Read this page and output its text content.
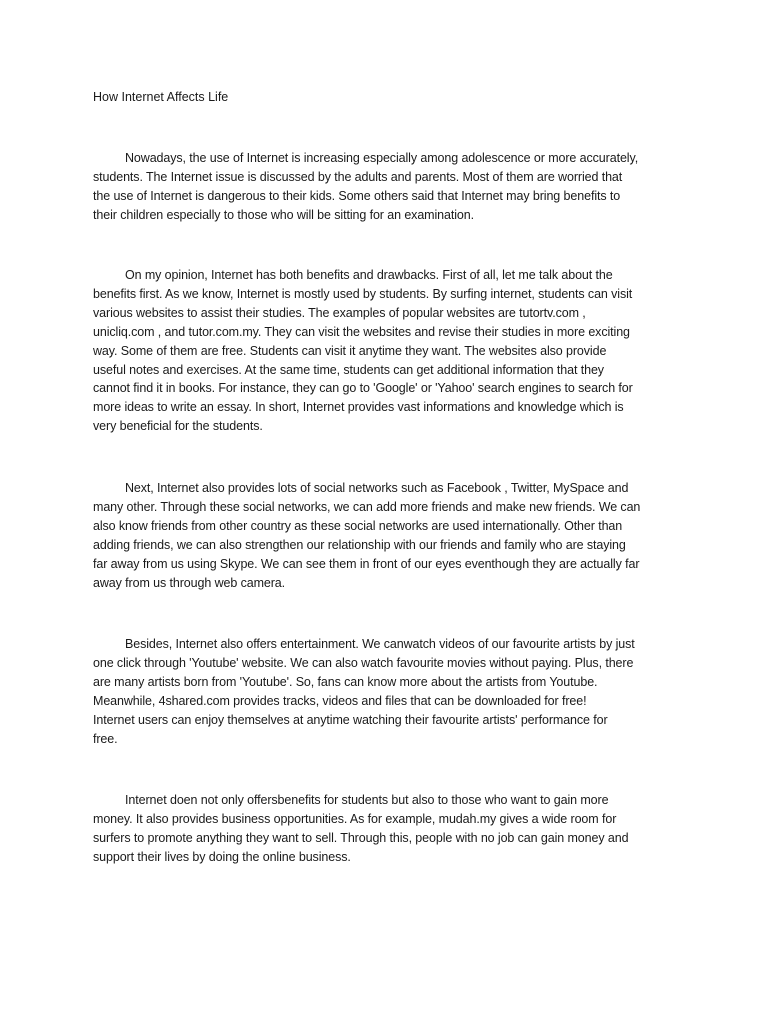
How Internet Affects Life

Nowadays, the use of Internet is increasing especially among adolescence or more accurately,
students. The Internet issue is discussed by the adults and parents. Most of them are worried that
the use of Internet is dangerous to their kids. Some others said that Internet may bring benefits to
their children especially to those who will be sitting for an examination.

On my opinion, Internet has both benefits and drawbacks. First of all, let me talk about the
benefits first. As we know, Internet is mostly used by students. By surfing internet, students can visit
various websites to assist their studies. The examples of popular websites are tutortv.com ,
unicliq.com , and tutor.com.my. They can visit the websites and revise their studies in more exciting
way. Some of them are free. Students can visit it anytime they want. The websites also provide
useful notes and exercises. At the same time, students can get additional information that they
cannot find it in books. For instance, they can go to 'Google' or 'Yahoo' search engines to search for
more ideas to write an essay. In short, Internet provides vast informations and knowledge which is
very beneficial for the students.

Next, Internet also provides lots of social networks such as Facebook , Twitter, MySpace and
many other. Through these social networks, we can add more friends and make new friends. We can
also know friends from other country as these social networks are used internationally. Other than
adding friends, we can also strengthen our relationship with our friends and family who are staying
far away from us using Skype. We can see them in front of our eyes eventhough they are actually far
away from us through web camera.

Besides, Internet also offers entertainment. We canwatch videos of our favourite artists by just
one click through 'Youtube' website. We can also watch favourite movies without paying. Plus, there
are many artists born from 'Youtube'. So, fans can know more about the artists from Youtube.
Meanwhile, 4shared.com provides tracks, videos and files that can be downloaded for free!
Internet users can enjoy themselves at anytime watching their favourite artists' performance for
free.

Internet doen not only offersbenefits for students but also to those who want to gain more
money. It also provides business opportunities. As for example, mudah.my gives a wide room for
surfers to promote anything they want to sell. Through this, people with no job can gain money and
support their lives by doing the online business.
